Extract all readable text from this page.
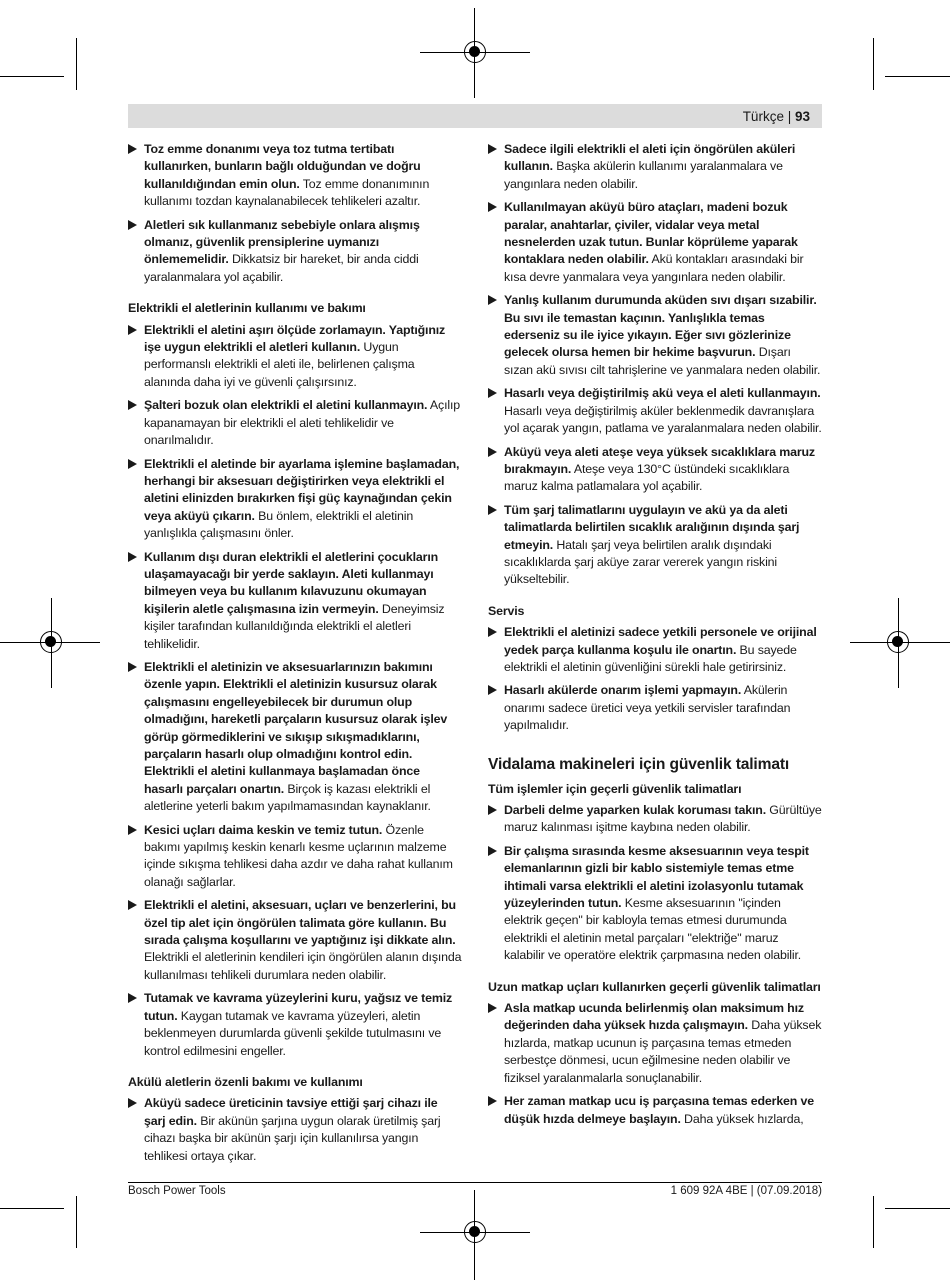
Türkçe | 93
Toz emme donanımı veya toz tutma tertibatı kullanırken, bunların bağlı olduğundan ve doğru kullanıldığından emin olun. Toz emme donanımının kullanımı tozdan kaynalanabilecek tehlikeleri azaltır.
Aletleri sık kullanmanız sebebiyle onlara alışmış olmanız, güvenlik prensiplerine uymanızı önlememelidir. Dikkatsiz bir hareket, bir anda ciddi yaralanmalara yol açabilir.
Elektrikli el aletlerinin kullanımı ve bakımı
Elektrikli el aletini aşırı ölçüde zorlamayın. Yaptığınız işe uygun elektrikli el aletleri kullanın. Uygun performanslı elektrikli el aleti ile, belirlenen çalışma alanında daha iyi ve güvenli çalışırsınız.
Şalteri bozuk olan elektrikli el aletini kullanmayın. Açılıp kapanamayan bir elektrikli el aleti tehlikelidir ve onarılmalıdır.
Elektrikli el aletinde bir ayarlama işlemine başlamadan, herhangi bir aksesuarı değiştirirken veya elektrikli el aletini elinizden bırakırken fişi güç kaynağından çekin veya aküyü çıkarın. Bu önlem, elektrikli el aletinin yanlışlıkla çalışmasını önler.
Kullanım dışı duran elektrikli el aletlerini çocukların ulaşamayacağı bir yerde saklayın. Aleti kullanmayı bilmeyen veya bu kullanım kılavuzunu okumayan kişilerin aletle çalışmasına izin vermeyin. Deneyimsiz kişiler tarafından kullanıldığında elektrikli el aletleri tehlikelidir.
Elektrikli el aletinizin ve aksesuarlarınızın bakımını özenle yapın. Elektrikli el aletinizin kusursuz olarak çalışmasını engelleyebilecek bir durumun olup olmadığını, hareketli parçaların kusursuz olarak işlev görüp görmediklerini ve sıkışıp sıkışmadıklarını, parçaların hasarlı olup olmadığını kontrol edin. Elektrikli el aletini kullanmaya başlamadan önce hasarlı parçaları onartın. Birçok iş kazası elektrikli el aletlerine yeterli bakım yapılmamasından kaynaklanır.
Kesici uçları daima keskin ve temiz tutun. Özenle bakımı yapılmış keskin kenarlı kesme uçlarının malzeme içinde sıkışma tehlikesi daha azdır ve daha rahat kullanım olanağı sağlarlar.
Elektrikli el aletini, aksesuarı, uçları ve benzerlerini, bu özel tip alet için öngörülen talimata göre kullanın. Bu sırada çalışma koşullarını ve yaptığınız işi dikkate alın. Elektrikli el aletlerinin kendileri için öngörülen alanın dışında kullanılması tehlikeli durumlara neden olabilir.
Tutamak ve kavrama yüzeylerini kuru, yağsız ve temiz tutun. Kaygan tutamak ve kavrama yüzeyleri, aletin beklenmeyen durumlarda güvenli şekilde tutulmasını ve kontrol edilmesini engeller.
Akülü aletlerin özenli bakımı ve kullanımı
Aküyü sadece üreticinin tavsiye ettiği şarj cihazı ile şarj edin. Bir akünün şarjına uygun olarak üretilmiş şarj cihazı başka bir akünün şarjı için kullanılırsa yangın tehlikesi ortaya çıkar.
Sadece ilgili elektrikli el aleti için öngörülen aküleri kullanın. Başka akülerin kullanımı yaralanmalara ve yangınlara neden olabilir.
Kullanılmayan aküyü büro ataçları, madeni bozuk paralar, anahtarlar, çiviler, vidalar veya metal nesnelerden uzak tutun. Bunlar köprüleme yaparak kontaklara neden olabilir. Akü kontakları arasındaki bir kısa devre yanmalara veya yangınlara neden olabilir.
Yanlış kullanım durumunda aküden sıvı dışarı sızabilir. Bu sıvı ile temastan kaçının. Yanlışlıkla temas ederseniz su ile iyice yıkayın. Eğer sıvı gözlerinize gelecek olursa hemen bir hekime başvurun. Dışarı sızan akü sıvısı cilt tahrişlerine ve yanmalara neden olabilir.
Hasarlı veya değiştirilmiş akü veya el aleti kullanmayın. Hasarlı veya değiştirilmiş aküler beklenmedik davranışlara yol açarak yangın, patlama ve yaralanmalara neden olabilir.
Aküyü veya aleti ateşe veya yüksek sıcaklıklara maruz bırakmayın. Ateşe veya 130°C üstündeki sıcaklıklara maruz kalma patlamalara yol açabilir.
Tüm şarj talimatlarını uygulayın ve akü ya da aleti talimatlarda belirtilen sıcaklık aralığının dışında şarj etmeyin. Hatalı şarj veya belirtilen aralık dışındaki sıcaklıklarda şarj aküye zarar vererek yangın riskini yükseltebilir.
Servis
Elektrikli el aletinizi sadece yetkili personele ve orijinal yedek parça kullanma koşulu ile onartın. Bu sayede elektrikli el aletinin güvenliğini sürekli hale getirirsiniz.
Hasarlı akülerde onarım işlemi yapmayın. Akülerin onarımı sadece üretici veya yetkili servisler tarafından yapılmalıdır.
Vidalama makineleri için güvenlik talimatı
Tüm işlemler için geçerli güvenlik talimatları
Darbeli delme yaparken kulak koruması takın. Gürültüye maruz kalınması işitme kaybına neden olabilir.
Bir çalışma sırasında kesme aksesuarının veya tespit elemanlarının gizli bir kablo sistemiyle temas etme ihtimali varsa elektrikli el aletini izolasyonlu tutamak yüzeylerinden tutun. Kesme aksesuarının "içinden elektrik geçen" bir kabloyla temas etmesi durumunda elektrikli el aletinin metal parçaları "elektriğe" maruz kalabilir ve operatöre elektrik çarpmasına neden olabilir.
Uzun matkap uçları kullanırken geçerli güvenlik talimatları
Asla matkap ucunda belirlenmiş olan maksimum hız değerinden daha yüksek hızda çalışmayın. Daha yüksek hızlarda, matkap ucunun iş parçasına temas etmeden serbestçe dönmesi, ucun eğilmesine neden olabilir ve fiziksel yaralanmalarla sonuçlanabilir.
Her zaman matkap ucu iş parçasına temas ederken ve düşük hızda delmeye başlayın. Daha yüksek hızlarda,
Bosch Power Tools	1 609 92A 4BE | (07.09.2018)
